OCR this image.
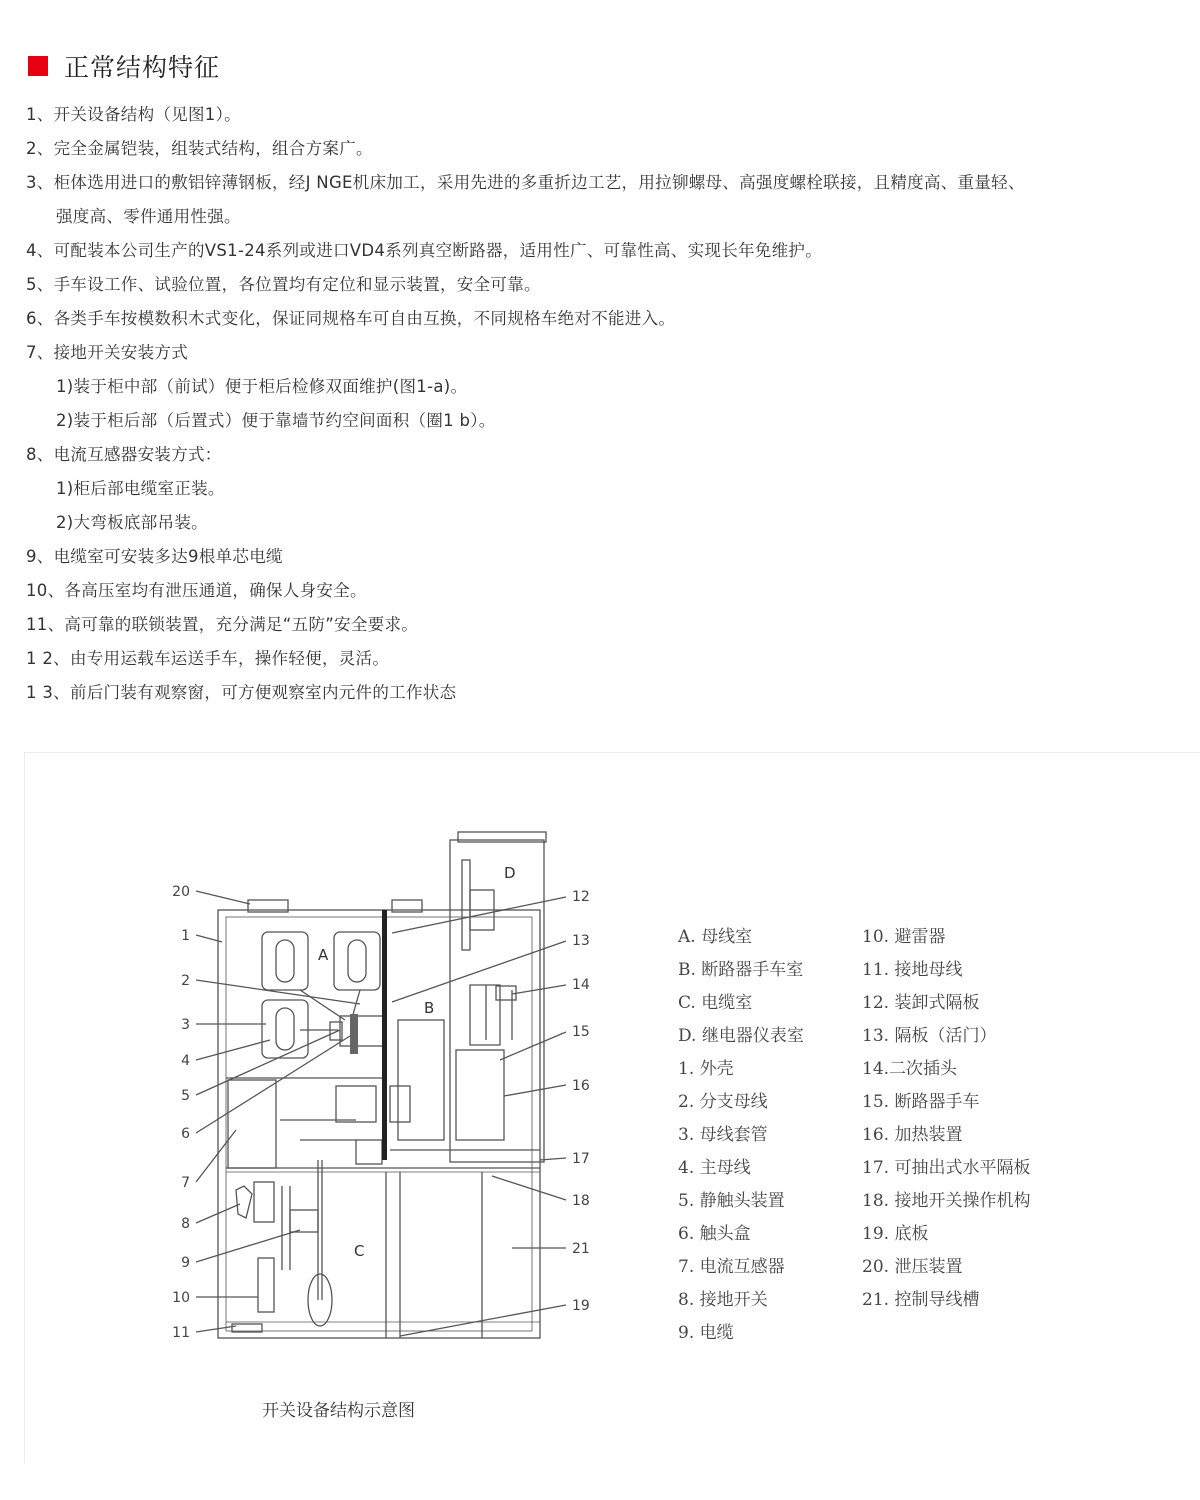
正常结构特征
1、开关设备结构（见图1）。
2、完全金属铠装，组装式结构，组合方案广。
3、柜体选用进口的敷铝锌薄钢板，经J NGE机床加工，采用先进的多重折边工艺，用拉铆螺母、高强度螺栓联接，且精度高、重量轻、
强度高、零件通用性强。
4、可配装本公司生产的VS1-24系列或进口VD4系列真空断路器，适用性广、可靠性高、实现长年免维护。
5、手车设工作、试验位置，各位置均有定位和显示装置，安全可靠。
6、各类手车按模数积木式变化，保证同规格车可自由互换，不同规格车绝对不能进入。
7、接地开关安装方式
1)装于柜中部（前试）便于柜后检修双面维护(图1-a)。
2)装于柜后部（后置式）便于靠墙节约空间面积（圈1 b）。
8、电流互感器安装方式：
1)柜后部电缆室正装。
2)大弯板底部吊装。
9、电缆室可安装多达9根单芯电缆
10、各高压室均有泄压通道，确保人身安全。
11、高可靠的联锁装置，充分满足“五防”安全要求。
1 2、由专用运载车运送手车，操作轻便，灵活。
1 3、前后门装有观察窗，可方便观察室内元件的工作状态
A
B
C
D
20
1
2
3
4
5
6
7
8
9
10
11
12
13
14
15
16
17
18
21
19
A. 母线室
B. 断路器手车室
C. 电缆室
D. 继电器仪表室
1. 外壳
2. 分支母线
3. 母线套管
4. 主母线
5. 静触头装置
6. 触头盒
7. 电流互感器
8. 接地开关
9. 电缆
10. 避雷器
11. 接地母线
12. 装卸式隔板
13. 隔板（活门）
14.二次插头
15. 断路器手车
16. 加热装置
17. 可抽出式水平隔板
18. 接地开关操作机构
19. 底板
20. 泄压装置
21. 控制导线槽
开关设备结构示意图
